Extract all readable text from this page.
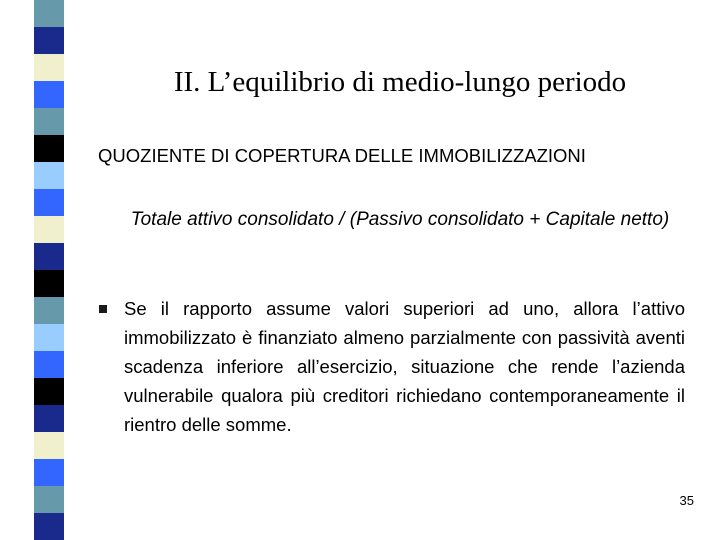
II. L’equilibrio di medio-lungo periodo
QUOZIENTE DI COPERTURA DELLE IMMOBILIZZAZIONI
Totale attivo consolidato / (Passivo consolidato + Capitale netto)
Se il rapporto assume valori superiori ad uno, allora l’attivo immobilizzato è finanziato almeno parzialmente con passività aventi scadenza inferiore all’esercizio, situazione che rende l’azienda vulnerabile qualora più creditori richiedano contemporaneamente il rientro delle somme.
35
